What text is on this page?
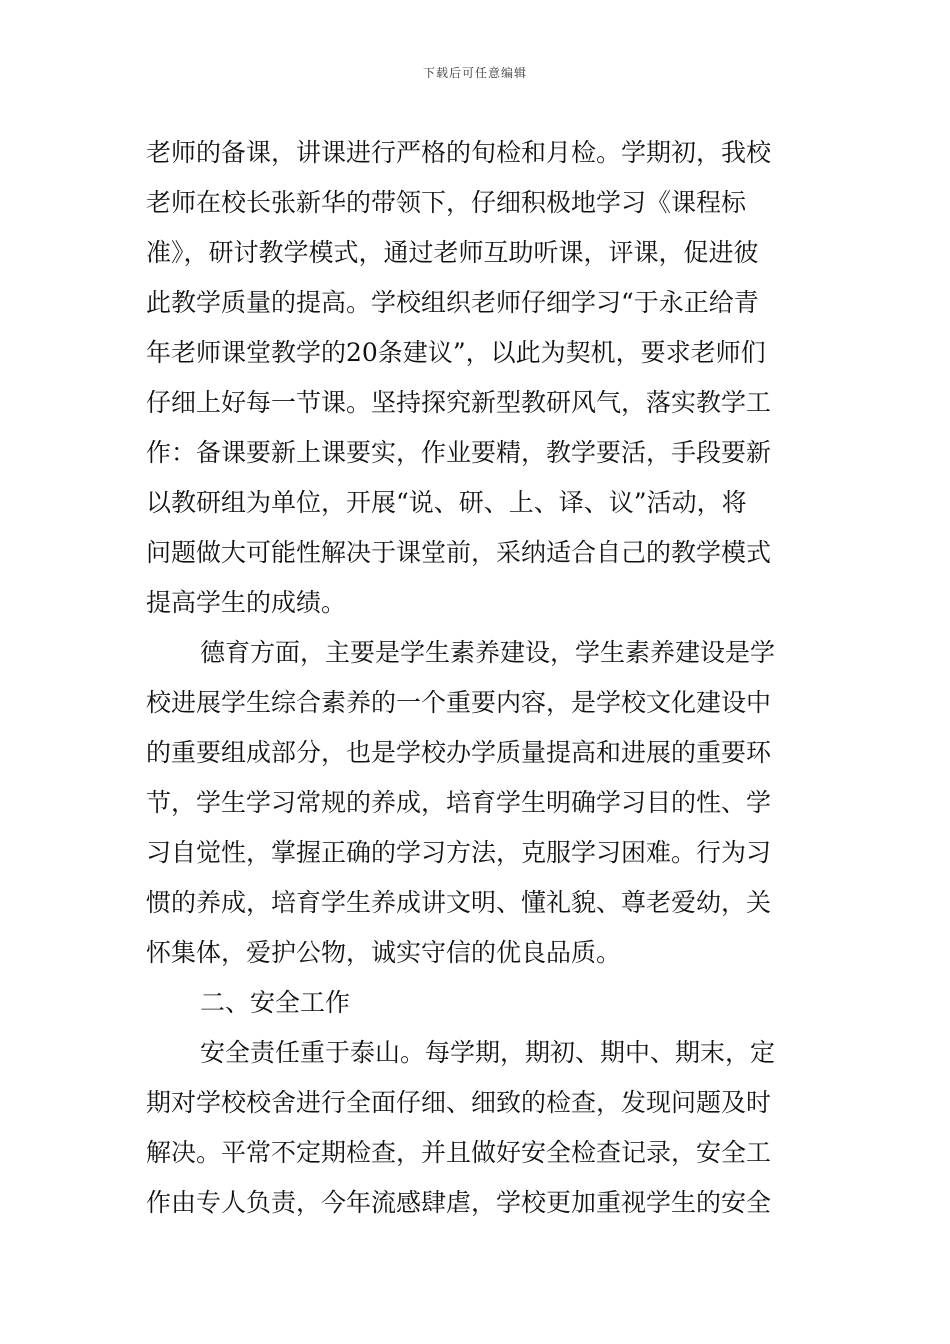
下载后可任意编辑
老师的备课，讲课进行严格的旬检和月检。学期初，我校
老师在校长张新华的带领下，仔细积极地学习《课程标
准》，研讨教学模式，通过老师互助听课，评课，促进彼
此教学质量的提高。学校组织老师仔细学习“于永正给青
年老师课堂教学的20条建议”，以此为契机，要求老师们
仔细上好每一节课。坚持探究新型教研风气，落实教学工
作：备课要新上课要实，作业要精，教学要活，手段要新
以教研组为单位，开展“说、研、上、译、议”活动，将
问题做大可能性解决于课堂前，采纳适合自己的教学模式
提高学生的成绩。
德育方面，主要是学生素养建设，学生素养建设是学
校进展学生综合素养的一个重要内容，是学校文化建设中
的重要组成部分，也是学校办学质量提高和进展的重要环
节，学生学习常规的养成，培育学生明确学习目的性、学
习自觉性，掌握正确的学习方法，克服学习困难。行为习
惯的养成，培育学生养成讲文明、懂礼貌、尊老爱幼，关
怀集体，爱护公物，诚实守信的优良品质。
二、安全工作
安全责任重于泰山。每学期，期初、期中、期末，定
期对学校校舍进行全面仔细、细致的检查，发现问题及时
解决。平常不定期检查，并且做好安全检查记录，安全工
作由专人负责，今年流感肆虐，学校更加重视学生的安全
